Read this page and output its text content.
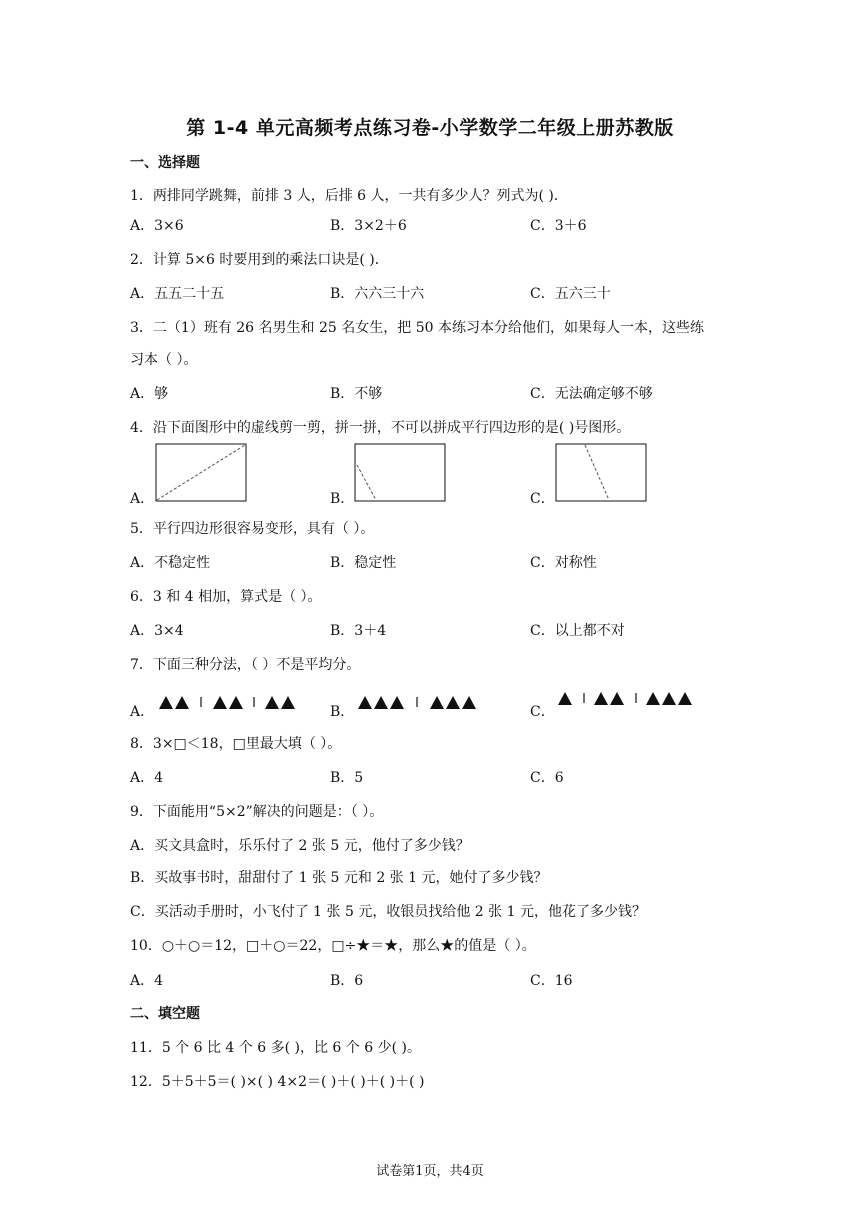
第 1-4 单元高频考点练习卷-小学数学二年级上册苏教版
一、选择题
1．两排同学跳舞，前排 3 人，后排 6 人，一共有多少人？列式为( )．
A．3×6	B．3×2＋6	C．3＋6
2．计算 5×6 时要用到的乘法口诀是( )．
A．五五二十五	B．六六三十六	C．五六三十
3．二（1）班有 26 名男生和 25 名女生，把 50 本练习本分给他们，如果每人一本，这些练
习本（ ）。
A．够	B．不够	C．无法确定够不够
4．沿下面图形中的虚线剪一剪，拼一拼，不可以拼成平行四边形的是( )号图形。
A．	B．	C．
5．平行四边形很容易变形，具有（ ）。
A．不稳定性	B．稳定性	C．对称性
6．3 和 4 相加，算式是（ ）。
A．3×4	B．3＋4	C．以上都不对
7．下面三种分法，（ ）不是平均分。
A．	B．	C．
8．3×□＜18，□里最大填（ ）。
A．4	B．5	C．6
9．下面能用“5×2”解决的问题是：（ ）。
A．买文具盒时，乐乐付了 2 张 5 元，他付了多少钱？
B．买故事书时，甜甜付了 1 张 5 元和 2 张 1 元，她付了多少钱？
C．买活动手册时，小飞付了 1 张 5 元，收银员找给他 2 张 1 元，他花了多少钱？
10．○＋○＝12，□＋○＝22，□÷★＝★，那么★的值是（ ）。
A．4	B．6	C．16
二、填空题
11．5 个 6 比 4 个 6 多( )，比 6 个 6 少( )。
12．5＋5＋5＝( )×( ) 4×2＝( )＋( )＋( )＋( )
试卷第1页，共4页
